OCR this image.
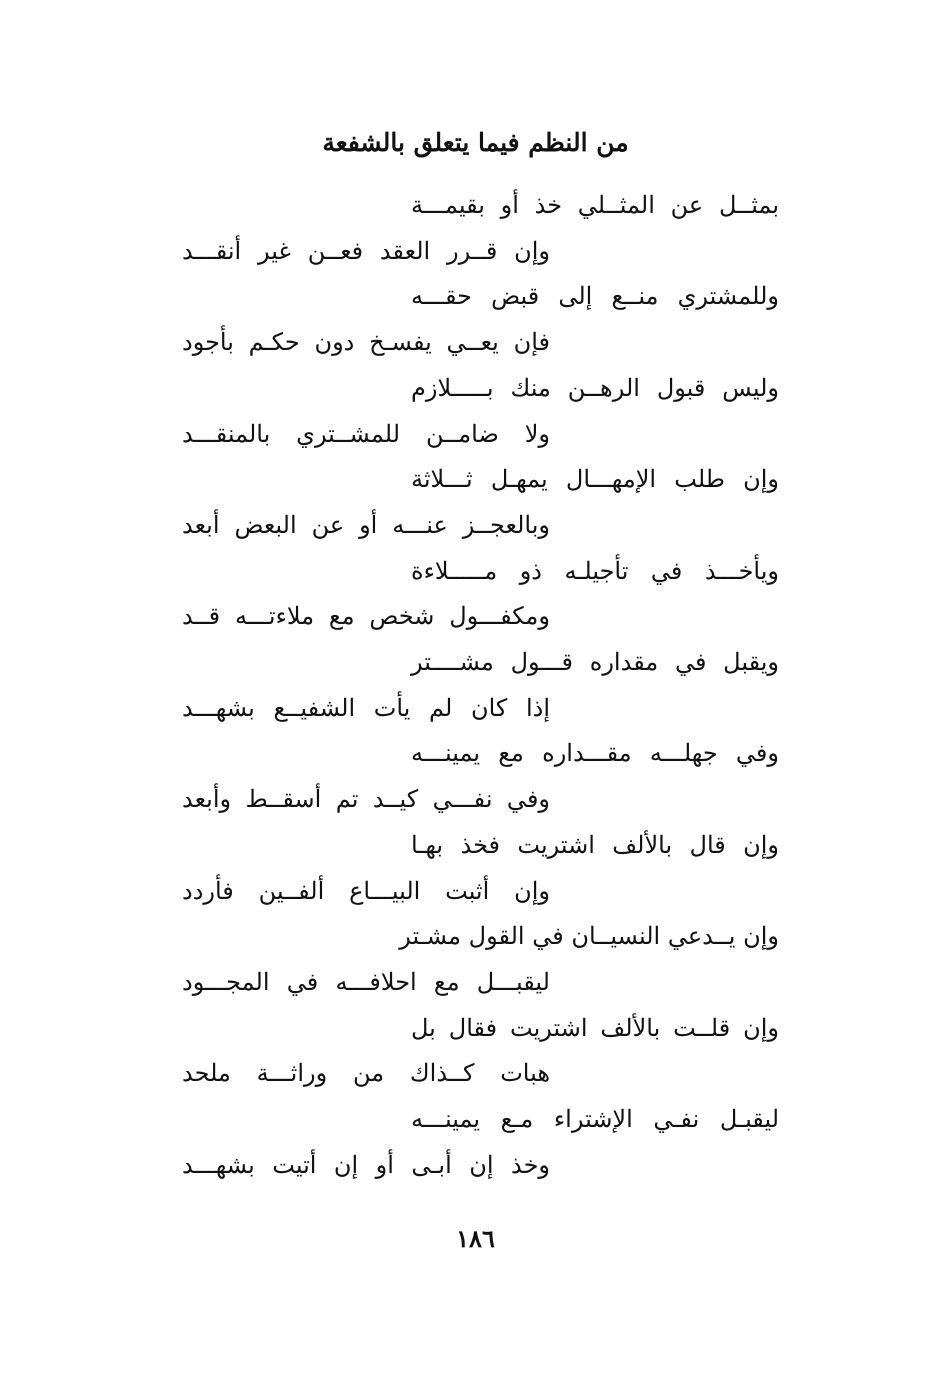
من النظم فيما يتعلق بالشفعة
بمثــل عن المثــلي خذ أو بقيمـــة
وإن قــرر العقد فعــن غير أنقـــد
وللمشتري منــع إلى قبض حقـــه
فإن يعــي يفسـخ دون حكـم بأجود
وليس قبول الرهــن منك بـــــلازم
ولا ضامــن للمشــتري بالمنقـــد
وإن طلب الإمهـــال يمهـل ثـــلاثة
وبالعجــز عنـــه أو عن البعض أبعد
ويأخـــذ في تأجيلـه ذو مـــــلاءة
ومكفـــول شخص مع ملاءتـــه قــد
ويقبل في مقداره قـــول مشــــتر
إذا كان لم يأت الشفيــع بشهـــد
وفي جهلـــه مقـــداره مع يمينـــه
وفي نفـــي كيــد تم أسقــط وأبعد
وإن قال بالألف اشتريت فخذ بهـا
وإن أثبت البيـــاع ألفــين فأردد
وإن يــدعي النسيــان في القول مشـتر
ليقبـــل مع احلافـــه في المجـــود
وإن قلــت بالألف اشتريت فقال بل
هبات كــذاك من وراثـــة ملحد
ليقبـل نفـي الإشتراء مـع يمينـــه
وخذ إن أبـى أو إن أتيت بشهـــد
١٨٦
